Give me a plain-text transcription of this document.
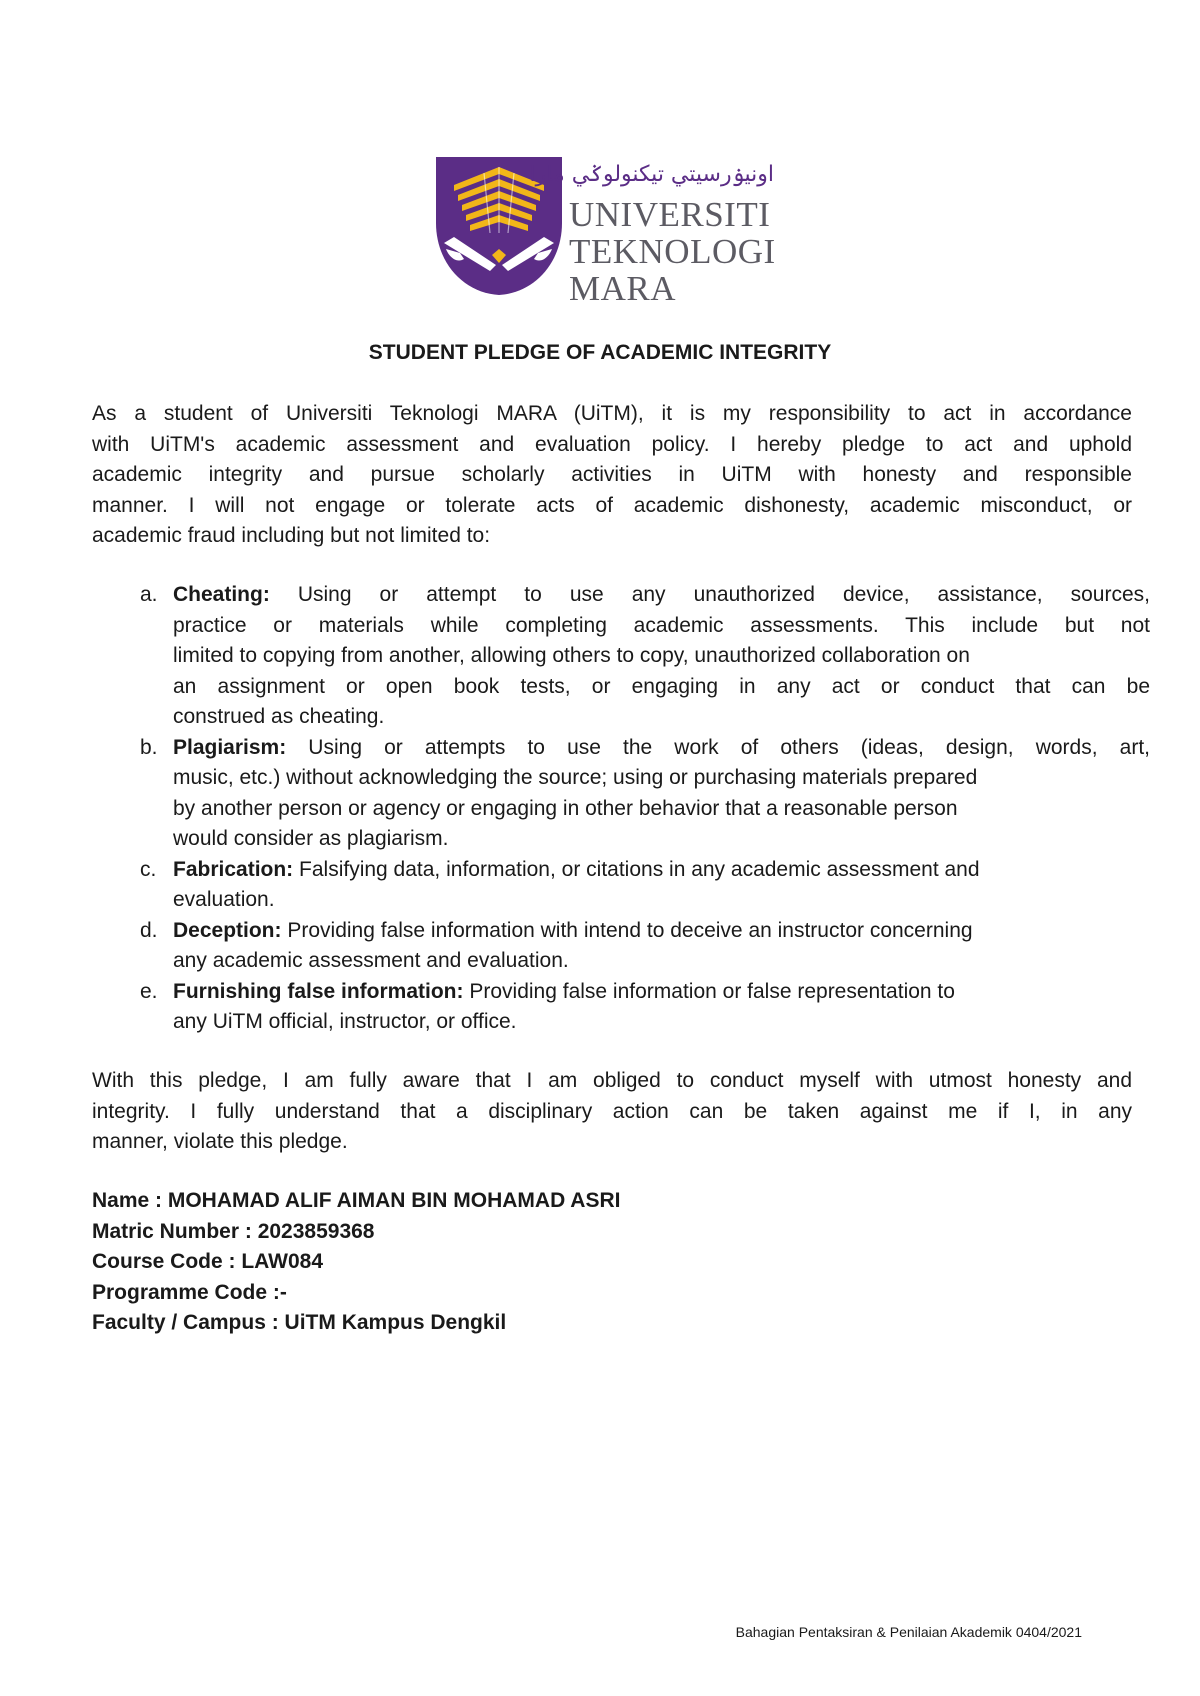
اونيۏرسيتي تيكنولوݢي مارا
UNIVERSITI
TEKNOLOGI
MARA
STUDENT PLEDGE OF ACADEMIC INTEGRITY
As a student of Universiti Teknologi MARA (UiTM), it is my responsibility to act in accordance
with UiTM's academic assessment and evaluation policy. I hereby pledge to act and uphold
academic integrity and pursue scholarly activities in UiTM with honesty and responsible
manner. I will not engage or tolerate acts of academic dishonesty, academic misconduct, or
academic fraud including but not limited to:
a. Cheating: Using or attempt to use any unauthorized device, assistance, sources,
practice or materials while completing academic assessments. This include but not
limited to copying from another, allowing others to copy, unauthorized collaboration on
an assignment or open book tests, or engaging in any act or conduct that can be
construed as cheating.
b. Plagiarism: Using or attempts to use the work of others (ideas, design, words, art,
music, etc.) without acknowledging the source; using or purchasing materials prepared
by another person or agency or engaging in other behavior that a reasonable person
would consider as plagiarism.
c. Fabrication: Falsifying data, information, or citations in any academic assessment and
evaluation.
d. Deception: Providing false information with intend to deceive an instructor concerning
any academic assessment and evaluation.
e. Furnishing false information: Providing false information or false representation to
any UiTM official, instructor, or office.
With this pledge, I am fully aware that I am obliged to conduct myself with utmost honesty and
integrity. I fully understand that a disciplinary action can be taken against me if I, in any
manner, violate this pledge.
Name : MOHAMAD ALIF AIMAN BIN MOHAMAD ASRI
Matric Number : 2023859368
Course Code : LAW084
Programme Code :-
Faculty / Campus : UiTM Kampus Dengkil
Bahagian Pentaksiran & Penilaian Akademik 0404/2021
